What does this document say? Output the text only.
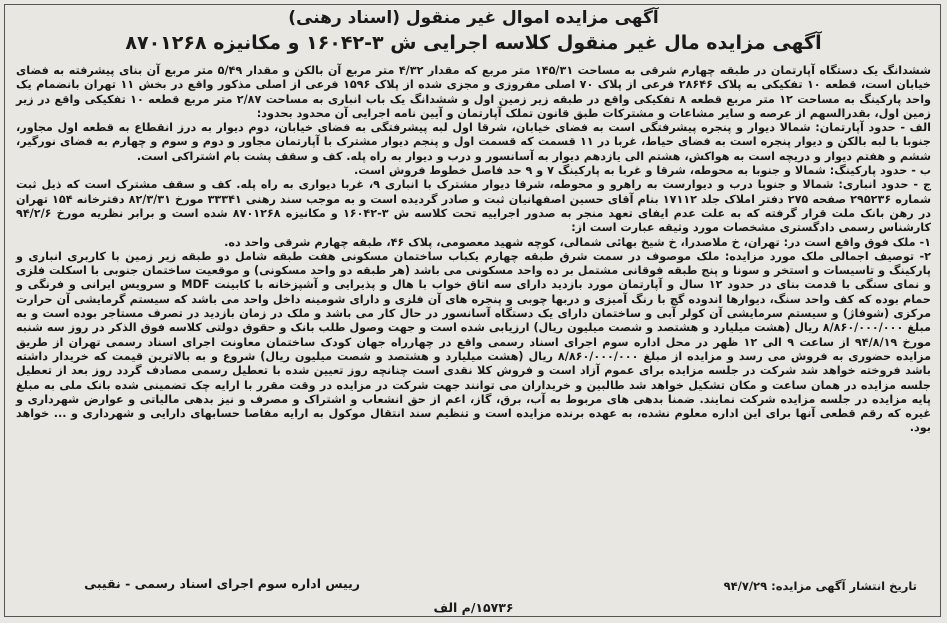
آگهی مزایده اموال غیر منقول (اسناد رهنی)
آگهی مزایده مال غیر منقول کلاسه اجرایی ش ۳-۱۶۰۴۲ و مکانیزه ۸۷۰۱۲۶۸

ششدانگ یک دستگاه آپارتمان در طبقه چهارم شرقی به مساحت ۱۴۵/۳۱ متر مربع که مقدار ۴/۳۲ متر مربع آن بالکن و مقدار ۵/۴۹ متر مربع آن بنای پیشرفته به فضای خیابان است، قطعه ۱۰ تفکیکی به پلاک ۲۸۶۴۶ فرعی از پلاک ۷۰ اصلی مفروزی و مجزی شده از پلاک ۱۵۹۶ فرعی از اصلی مذکور واقع در بخش ۱۱ تهران بانضمام یک واحد پارکینگ به مساحت ۱۲ متر مربع قطعه ۸ تفکیکی واقع در طبقه زیر زمین اول و ششدانگ یک باب انباری به مساحت ۲/۸۷ متر مربع قطعه ۱۰ تفکیکی واقع در زیر زمین اول، بقدرالسهم از عرصه و سایر مشاعات و مشترکات طبق قانون تملک آپارتمان و آیین نامه اجرایی آن محدود بحدود:

الف - حدود آپارتمان: شمالا دیوار و پنجره پیشرفتگی است به فضای خیابان، شرقا اول لبه پیشرفتگی به فضای خیابان، دوم دیوار به درز انقطاع به قطعه اول مجاور، جنوبا با لبه بالکن و دیوار پنجره است به فضای حیاط، غربا در ۱۱ قسمت که قسمت اول و پنجم دیوار مشترک با آپارتمان مجاور و دوم و سوم و چهارم به فضای نورگیر، ششم و هفتم دیوار و دریچه است به هواکش، هشتم الی یازدهم دیوار به آسانسور و درب و دیوار به راه پله. کف و سقف پشت بام اشتراکی است.

ب - حدود پارکینگ: شمالا و جنوبا به محوطه، شرقا و غربا به پارکینگ ۷ و ۹ حد فاصل خطوط فروش است.

ج - حدود انباری: شمالا و جنوبا درب و دیوارست به راهرو و محوطه، شرقا دیوار مشترک با انباری ۹، غربا دیواری به راه پله. کف و سقف مشترک است که ذیل ثبت شماره ۲۹۵۲۳۶ صفحه ۲۷۵ دفتر املاک جلد ۱۷۱۱۲ بنام آقای حسین اصفهانیان ثبت و صادر گردیده است و به موجب سند رهنی ۳۳۳۴۱ مورخ ۸۲/۳/۳۱ دفترخانه ۱۵۴ تهران در رهن بانک ملت قرار گرفته که به علت عدم ایفای تعهد منجر به صدور اجراییه تحت کلاسه ش ۳-۱۶۰۴۲ و مکانیزه ۸۷۰۱۲۶۸ شده است و برابر نظریه مورخ ۹۴/۲/۶ کارشناس رسمی دادگستری مشخصات مورد وثیقه عبارت است از:

۱- ملک فوق واقع است در: تهران، خ ملاصدرا، خ شیخ بهائی شمالی، کوچه شهید معصومی، پلاک ۴۶، طبقه چهارم شرقی واحد ده.

۲- توصیف اجمالی ملک مورد مزایده: ملک موصوف در سمت شرق طبقه چهارم یکباب ساختمان مسکونی هفت طبقه شامل دو طبقه زیر زمین با کاربری انباری و پارکینگ و تاسیسات و استخر و سونا و پنج طبقه فوقانی مشتمل بر ده واحد مسکونی می باشد (هر طبقه دو واحد مسکونی) و موقعیت ساختمان جنوبی با اسکلت فلزی و نمای سنگی با قدمت بنای در حدود ۱۲ سال و آپارتمان مورد بازدید دارای سه اتاق خواب با هال و پذیرایی و آشپزخانه با کابینت MDF و سرویس ایرانی و فرنگی و حمام بوده که کف واحد سنگ، دیوارها اندوده گچ با رنگ آمیزی و دربها چوبی و پنجره های آن فلزی و دارای شومینه داخل واحد می باشد که سیستم گرمایشی آن حرارت مرکزی (شوفاژ) و سیستم سرمایشی آن کولر آبی و ساختمان دارای یک دستگاه آسانسور در حال کار می باشد و ملک در زمان بازدید در تصرف مستاجر بوده است و به مبلغ ۸/۸۶۰/۰۰۰/۰۰۰ ریال (هشت میلیارد و هشتصد و شصت میلیون ریال) ارزیابی شده است و جهت وصول طلب بانک و حقوق دولتی کلاسه فوق الذکر در روز سه شنبه مورخ ۹۴/۸/۱۹ از ساعت ۹ الی ۱۲ ظهر در محل اداره سوم اجرای اسناد رسمی واقع در چهارراه جهان کودک ساختمان معاونت اجرای اسناد رسمی تهران از طریق مزایده حضوری به فروش می رسد و مزایده از مبلغ ۸/۸۶۰/۰۰۰/۰۰۰ ریال (هشت میلیارد و هشتصد و شصت میلیون ریال) شروع و به بالاترین قیمت که خریدار داشته باشد فروخته خواهد شد شرکت در جلسه مزایده برای عموم آزاد است و فروش کلا نقدی است چنانچه روز تعیین شده با تعطیل رسمی مصادف گردد روز بعد از تعطیل جلسه مزایده در همان ساعت و مکان تشکیل خواهد شد طالبین و خریداران می توانند جهت شرکت در مزایده در وقت مقرر با ارایه چک تضمینی شده بانک ملی به مبلغ پایه مزایده در جلسه مزایده شرکت نمایند. ضمنا بدهی های مربوط به آب، برق، گاز، اعم از حق انشعاب و اشتراک و مصرف و نیز بدهی مالیاتی و عوارض شهرداری و غیره که رقم قطعی آنها برای این اداره معلوم نشده، به عهده برنده مزایده است و تنظیم سند انتقال موکول به ارایه مفاصا حسابهای دارایی و شهرداری و ... خواهد بود.

تاریخ انتشار آگهی مزایده: ۹۴/۷/۲۹
رییس اداره سوم اجرای اسناد رسمی - نقیبی
۱۵۷۳۶/م الف
